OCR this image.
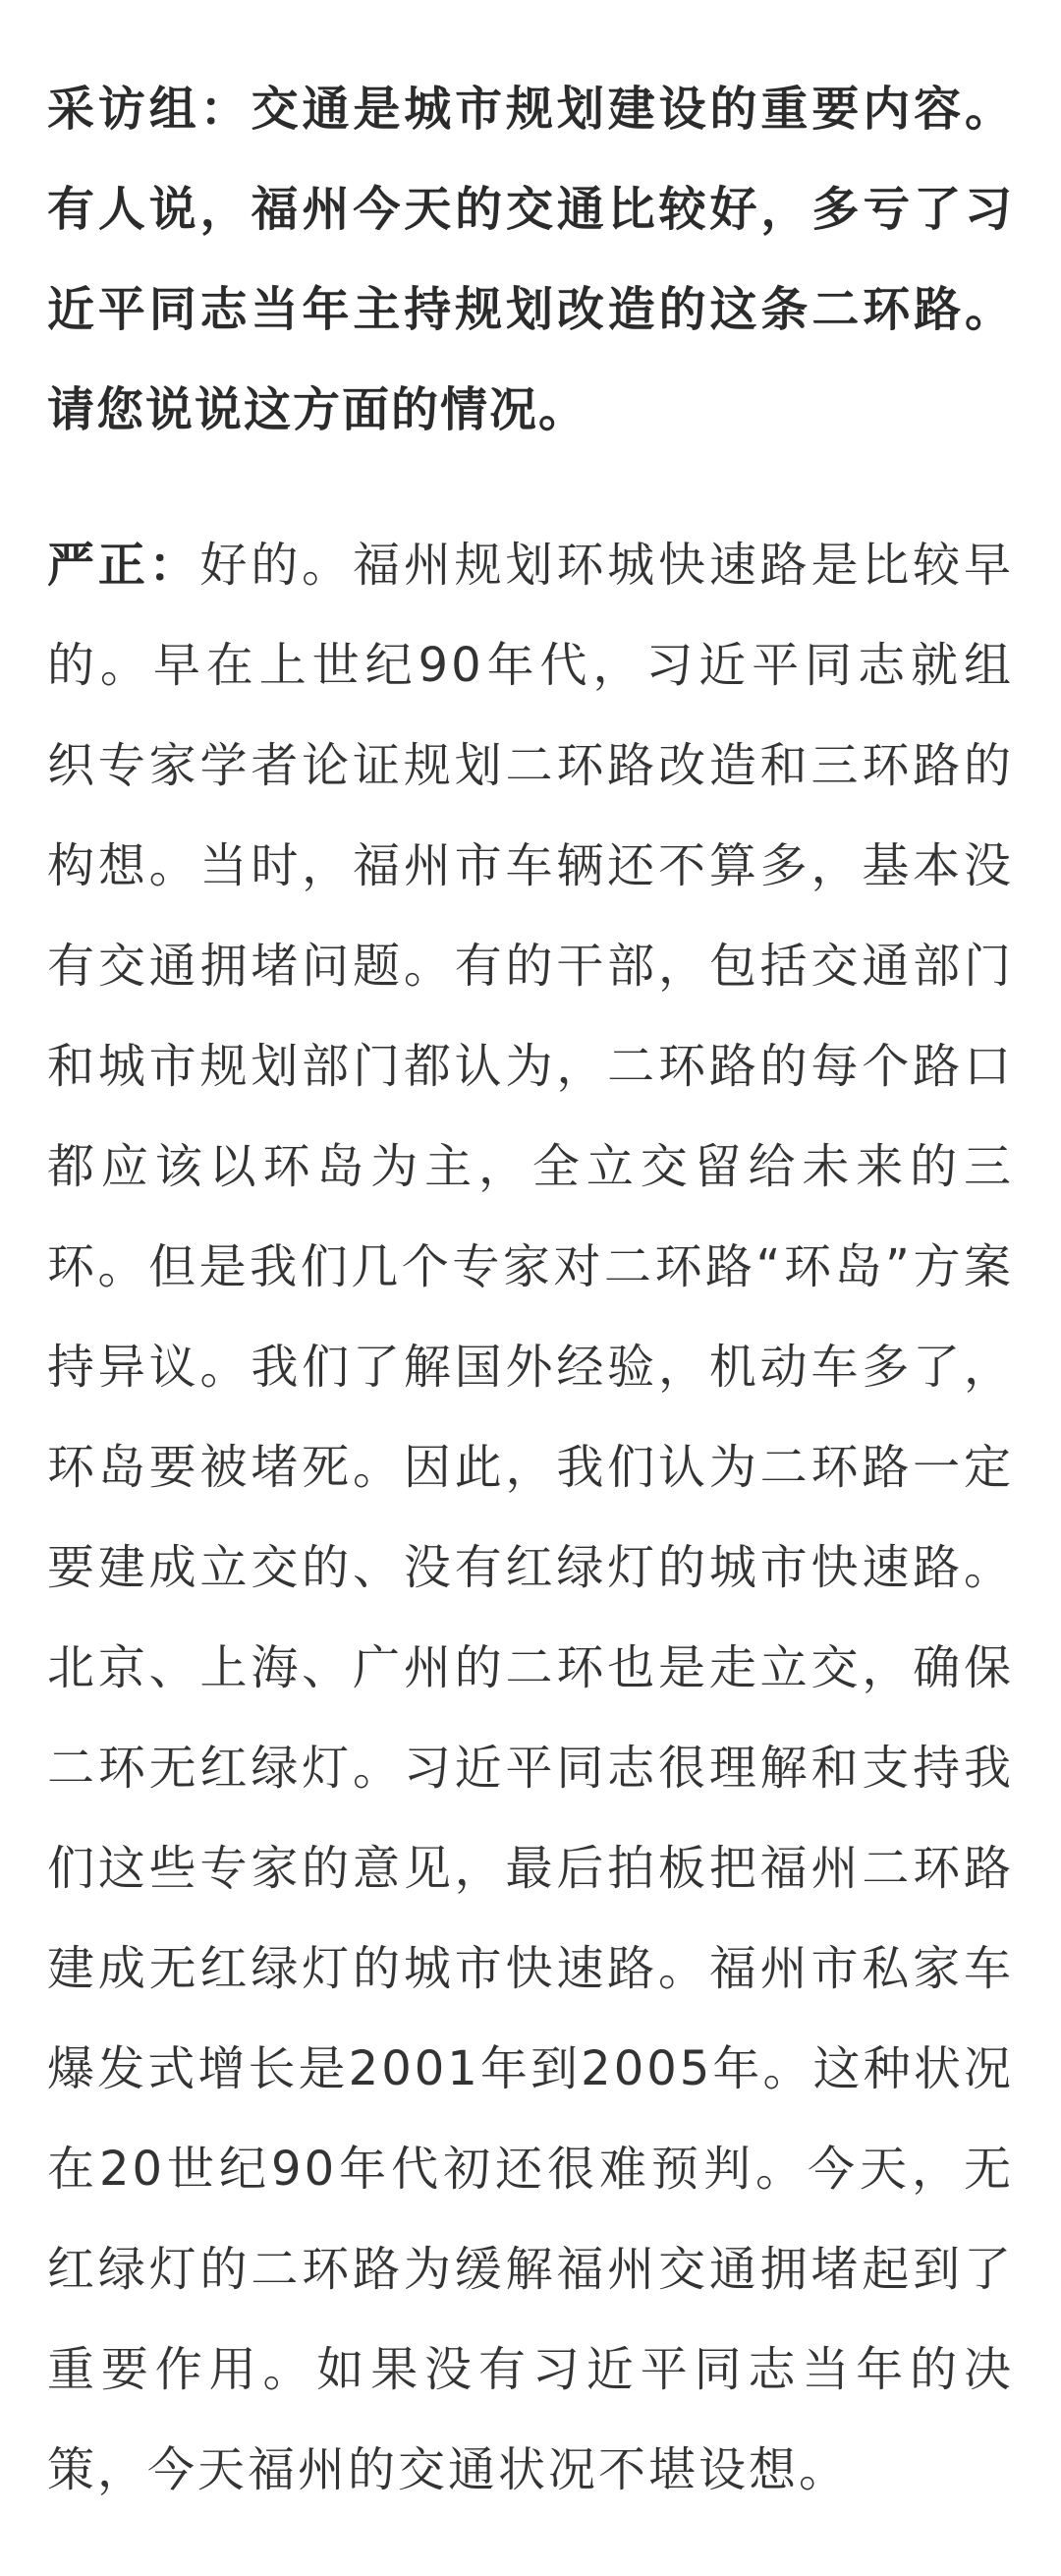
采访组：交通是城市规划建设的重要内容。有人说，福州今天的交通比较好，多亏了习近平同志当年主持规划改造的这条二环路。请您说说这方面的情况。

严正：好的。福州规划环城快速路是比较早的。早在上世纪90年代，习近平同志就组织专家学者论证规划二环路改造和三环路的构想。当时，福州市车辆还不算多，基本没有交通拥堵问题。有的干部，包括交通部门和城市规划部门都认为，二环路的每个路口都应该以环岛为主，全立交留给未来的三环。但是我们几个专家对二环路“环岛”方案持异议。我们了解国外经验，机动车多了，环岛要被堵死。因此，我们认为二环路一定要建成立交的、没有红绿灯的城市快速路。北京、上海、广州的二环也是走立交，确保二环无红绿灯。习近平同志很理解和支持我们这些专家的意见，最后拍板把福州二环路建成无红绿灯的城市快速路。福州市私家车爆发式增长是2001年到2005年。这种状况在20世纪90年代初还很难预判。今天，无红绿灯的二环路为缓解福州交通拥堵起到了重要作用。如果没有习近平同志当年的决策，今天福州的交通状况不堪设想。
